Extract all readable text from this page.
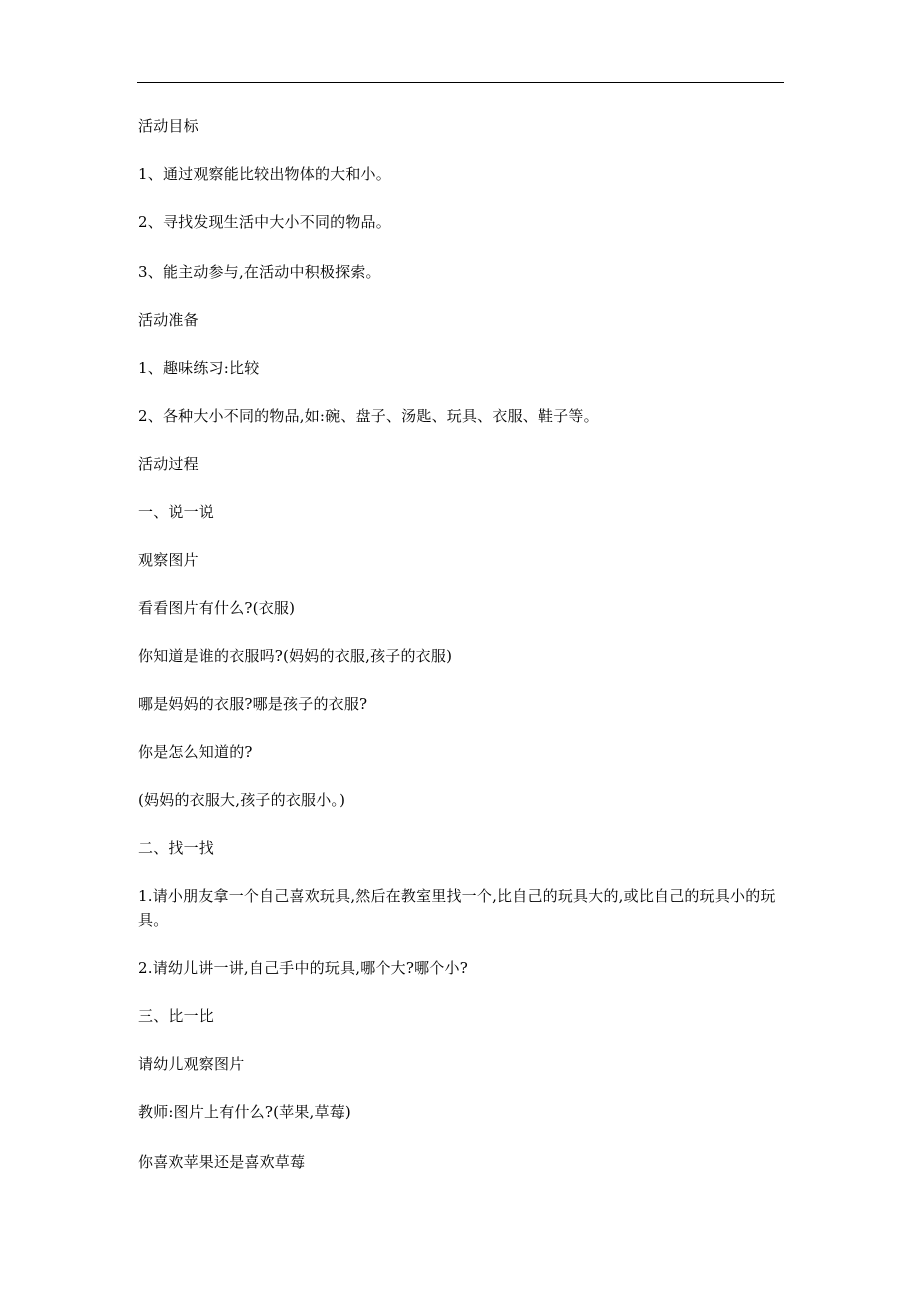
活动目标
1、通过观察能比较出物体的大和小。
2、寻找发现生活中大小不同的物品。
3、能主动参与,在活动中积极探索。
活动准备
1、趣味练习:比较
2、各种大小不同的物品,如:碗、盘子、汤匙、玩具、衣服、鞋子等。
活动过程
一、说一说
观察图片
看看图片有什么?(衣服)
你知道是谁的衣服吗?(妈妈的衣服,孩子的衣服)
哪是妈妈的衣服?哪是孩子的衣服?
你是怎么知道的?
(妈妈的衣服大,孩子的衣服小。)
二、找一找
1.请小朋友拿一个自己喜欢玩具,然后在教室里找一个,比自己的玩具大的,或比自己的玩具小的玩具。
2.请幼儿讲一讲,自己手中的玩具,哪个大?哪个小?
三、比一比
请幼儿观察图片
教师:图片上有什么?(苹果,草莓)
你喜欢苹果还是喜欢草莓
